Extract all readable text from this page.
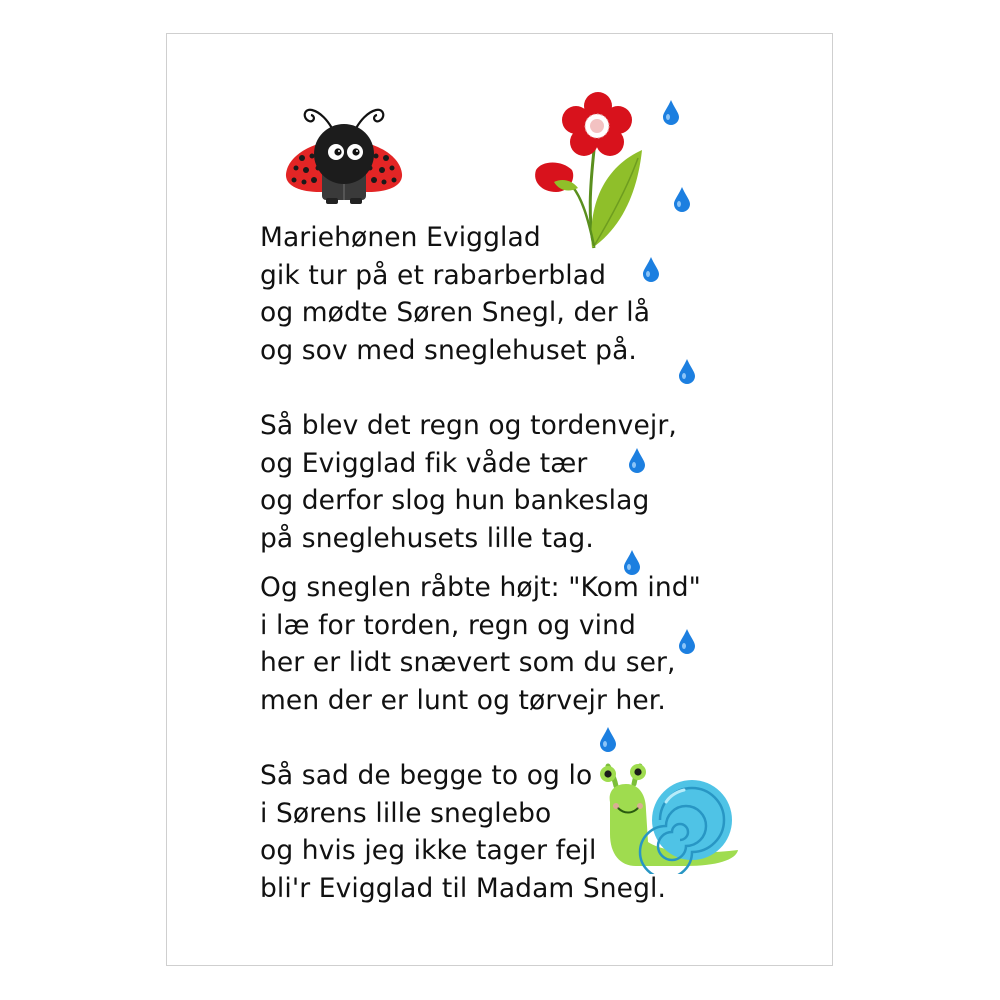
Mariehønen Evigglad
gik tur på et rabarberblad
og mødte Søren Snegl, der lå
og sov med sneglehuset på.

Så blev det regn og tordenvejr,
og Evigglad fik våde tær
og derfor slog hun bankeslag
på sneglehusets lille tag.

Og sneglen råbte højt: "Kom ind"
i læ for torden, regn og vind
her er lidt snævert som du ser,
men der er lunt og tørvejr her.

Så sad de begge to og lo
i Sørens lille sneglebo
og hvis jeg ikke tager fejl
bli'r Evigglad til Madam Snegl.
